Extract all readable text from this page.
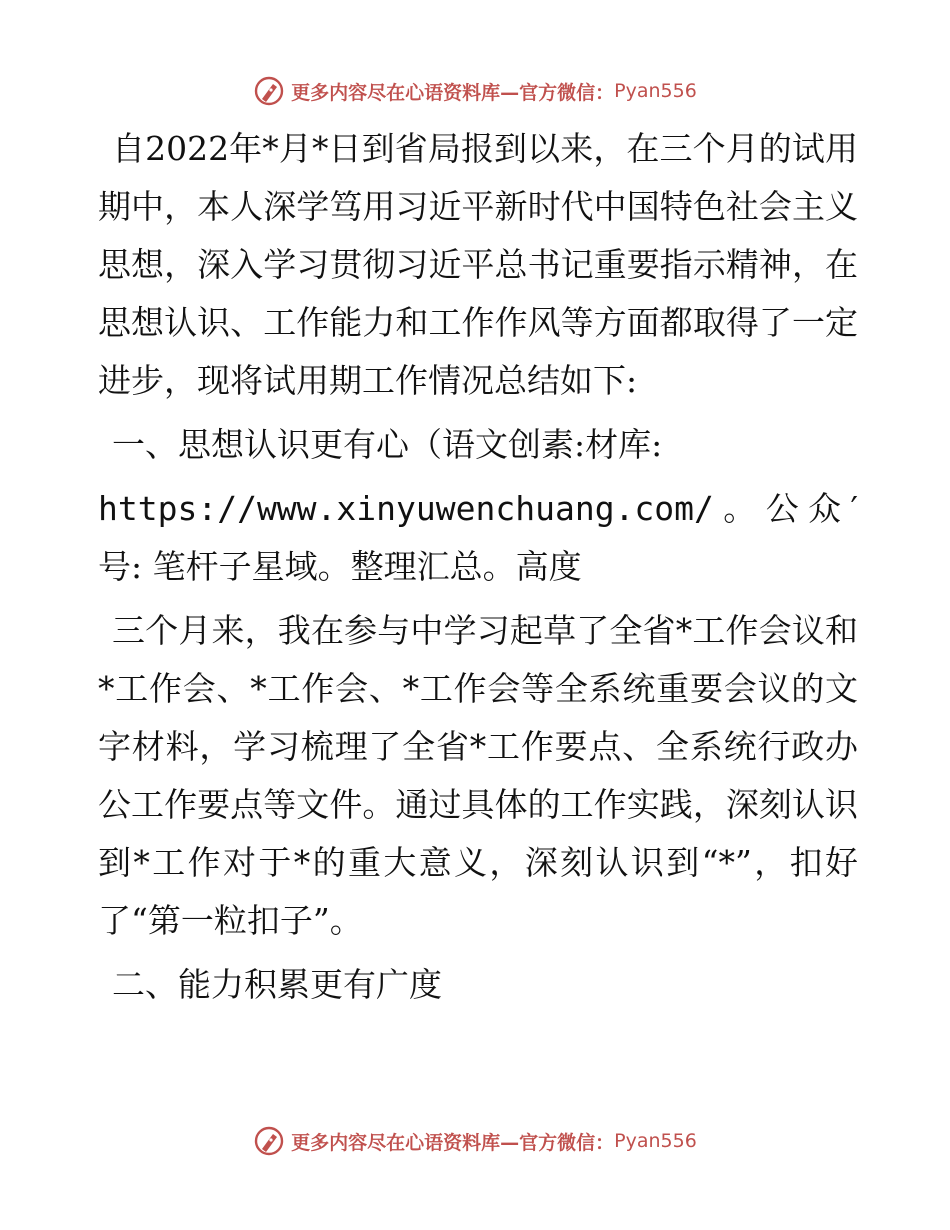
更多内容尽在心语资料库—官方微信： Pyan556

自2022年*月*日到省局报到以来，在三个月的试用期中，本人深学笃用习近平新时代中国特色社会主义思想，深入学习贯彻习近平总书记重要指示精神，在思想认识、工作能力和工作作风等方面都取得了一定进步，现将试用期工作情况总结如下:

一、思想认识更有心（语文创素:材库:

https://www.xinyuwenchuang.com/。公众′号: 笔杆子星域。整理汇总。高度

三个月来，我在参与中学习起草了全省*工作会议和*工作会、*工作会、*工作会等全系统重要会议的文字材料，学习梳理了全省*工作要点、全系统行政办公工作要点等文件。通过具体的工作实践，深刻认识到*工作对于*的重大意义，深刻认识到“*”，扣好了“第一粒扣子”。

二、能力积累更有广度

更多内容尽在心语资料库—官方微信： Pyan556
